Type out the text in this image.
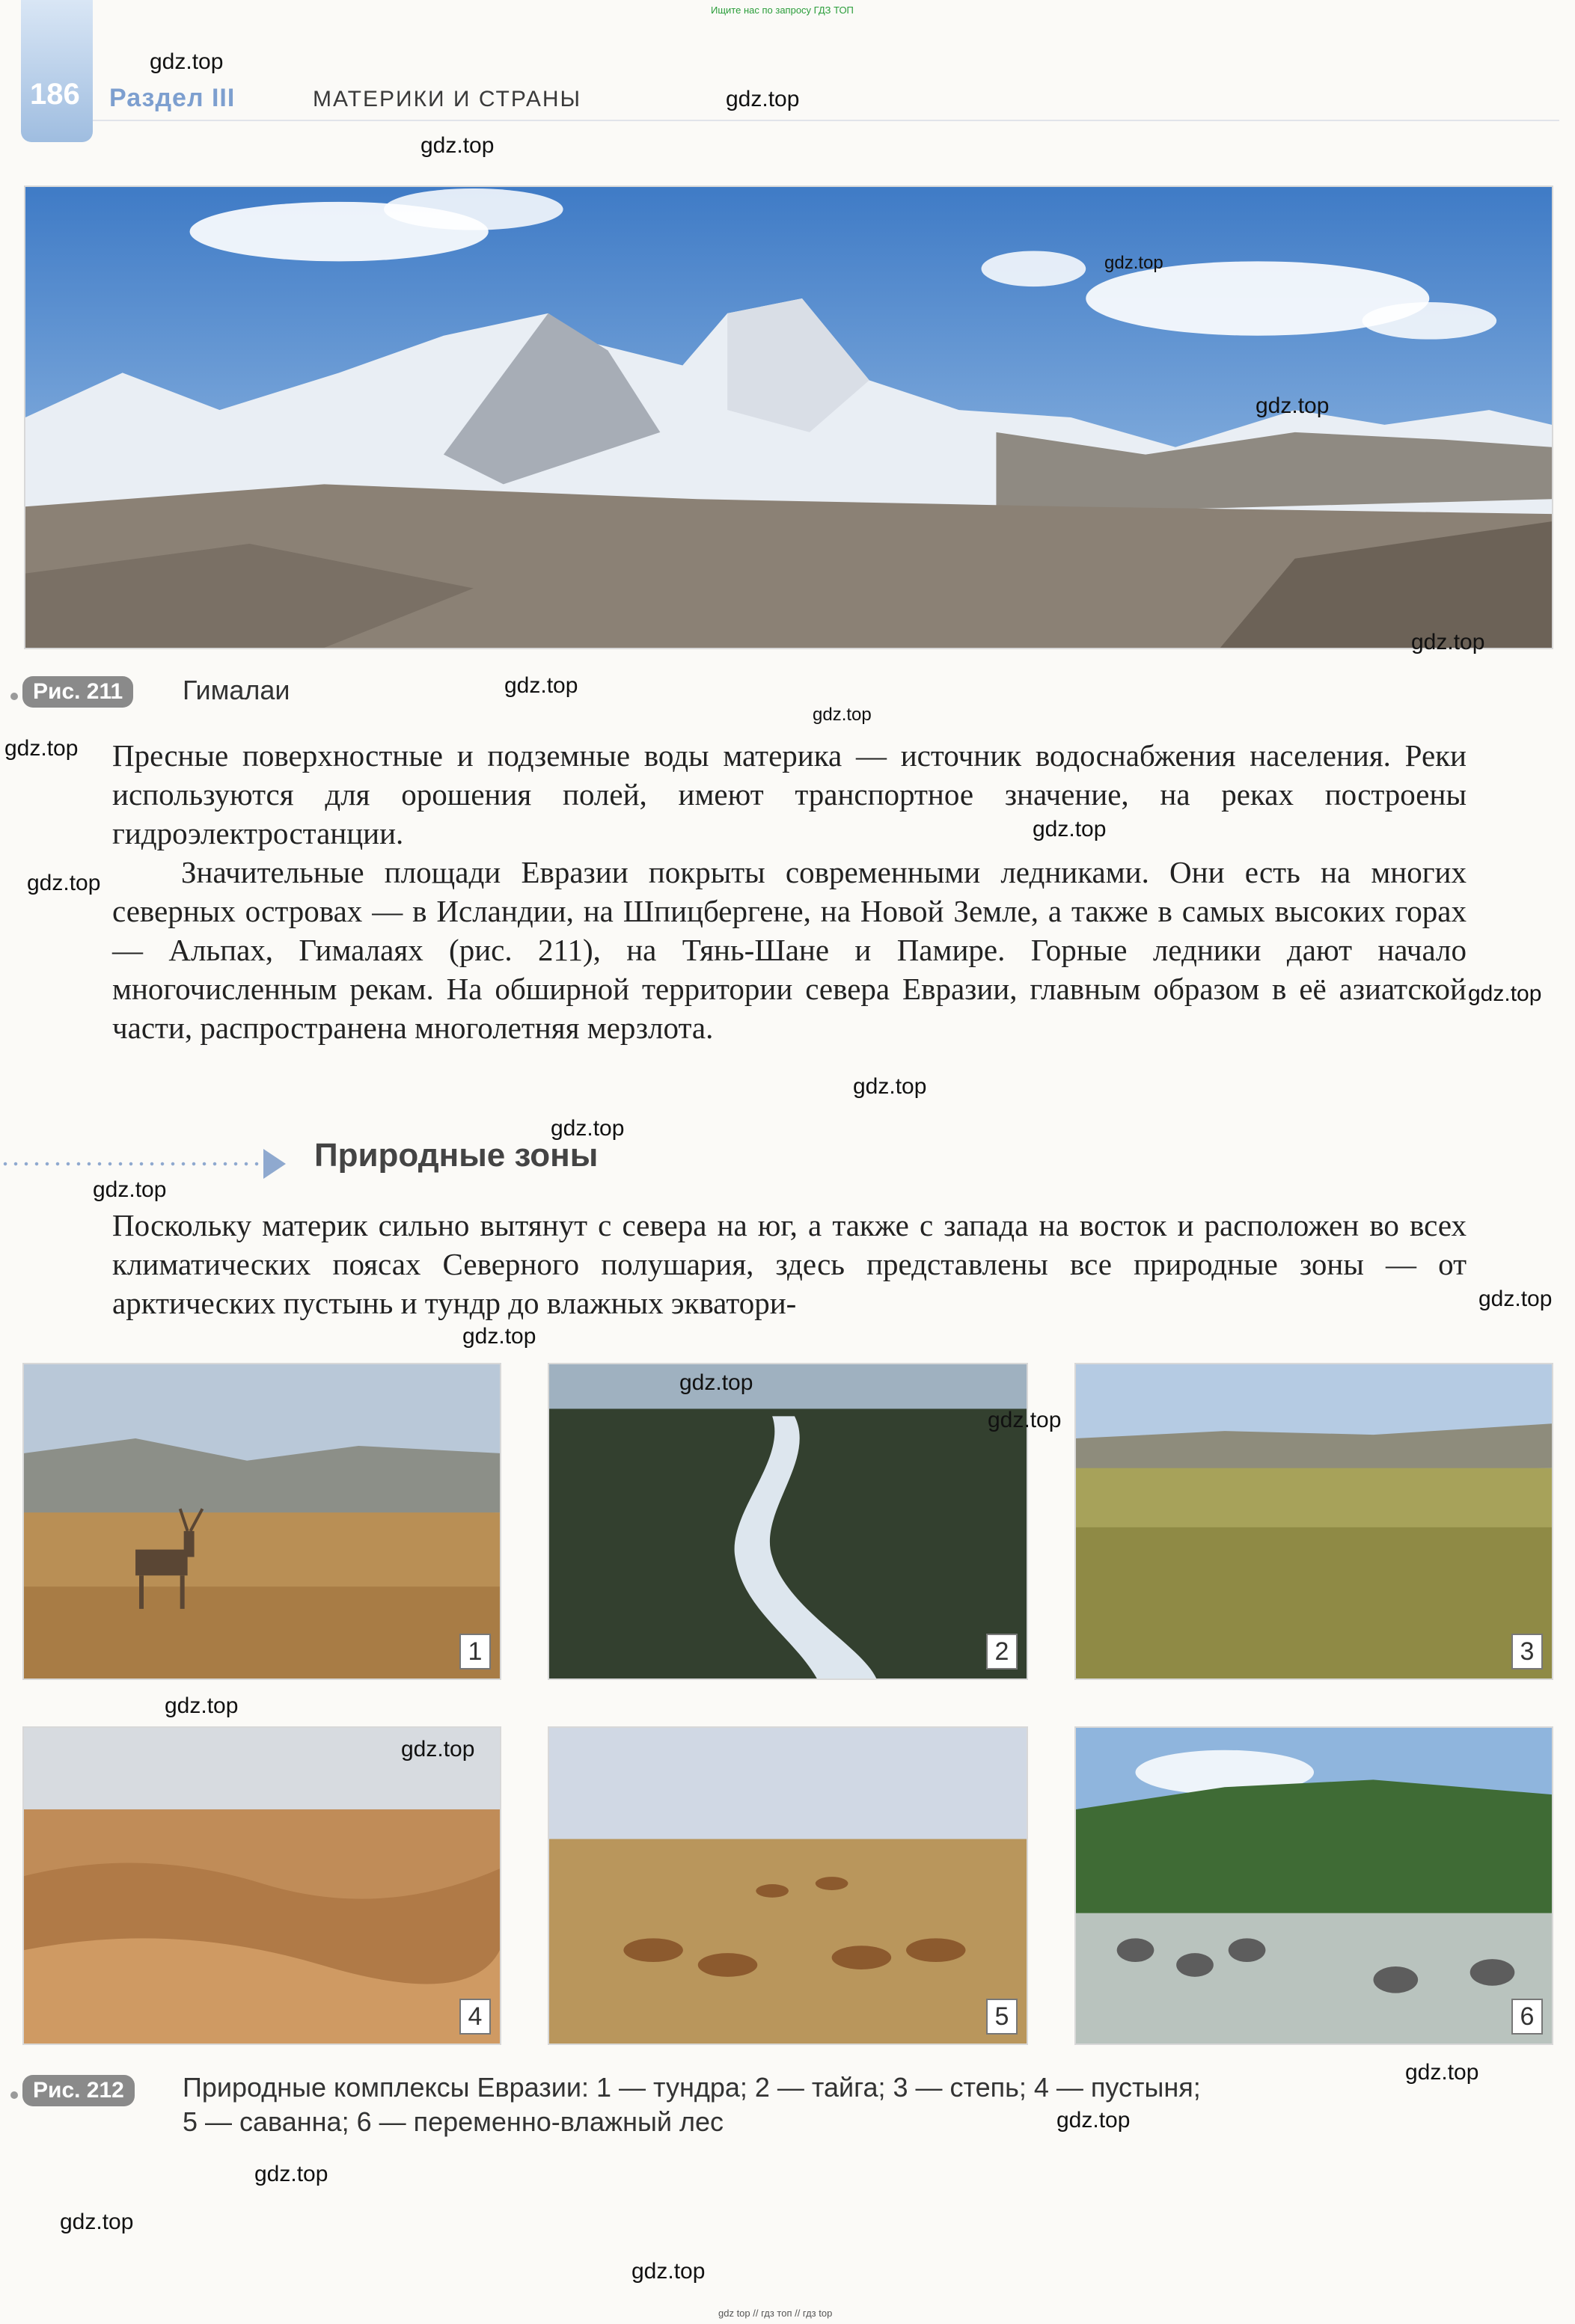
Ищите нас по запросу ГДЗ ТОП
186 Раздел III	МАТЕРИКИ И СТРАНЫ
Рис. 211	Гималаи

Пресные поверхностные и подземные воды материка — источник водоснабжения населения. Реки используются для орошения полей, имеют транспортное значение, на реках построены гидроэлектростанции.

Значительные площади Евразии покрыты современными ледниками. Они есть на многих северных островах — в Исландии, на Шпицбергене, на Новой Земле, а также в самых высоких горах — Альпах, Гималаях (рис. 211), на Тянь-Шане и Памире. Горные ледники дают начало многочисленным рекам. На обширной территории севера Евразии, главным образом в её азиатской части, распространена многолетняя мерзлота.

Природные зоны

Поскольку материк сильно вытянут с севера на юг, а также с запада на восток и расположен во всех климатических поясах Северного полушария, здесь представлены все природные зоны — от арктических пустынь и тундр до влажных экватори-

1	2	3
4	5	6
Рис. 212	Природные комплексы Евразии: 1 — тундра; 2 — тайга; 3 — степь; 4 — пустыня;
5 — саванна; 6 — переменно-влажный лес
gdz.top
gdz.top
gdz.top
gdz.top
gdz.top
gdz.top
gdz.top
gdz.top
gdz.top
gdz.top
gdz.top
gdz.top
gdz.top
gdz.top
gdz.top
gdz.top
gdz.top
gdz.top
gdz.top
gdz.top
gdz.top
gdz.top
gdz.top
gdz.top
gdz.top
gdz.top
gdz top // гдз топ // гдз top
